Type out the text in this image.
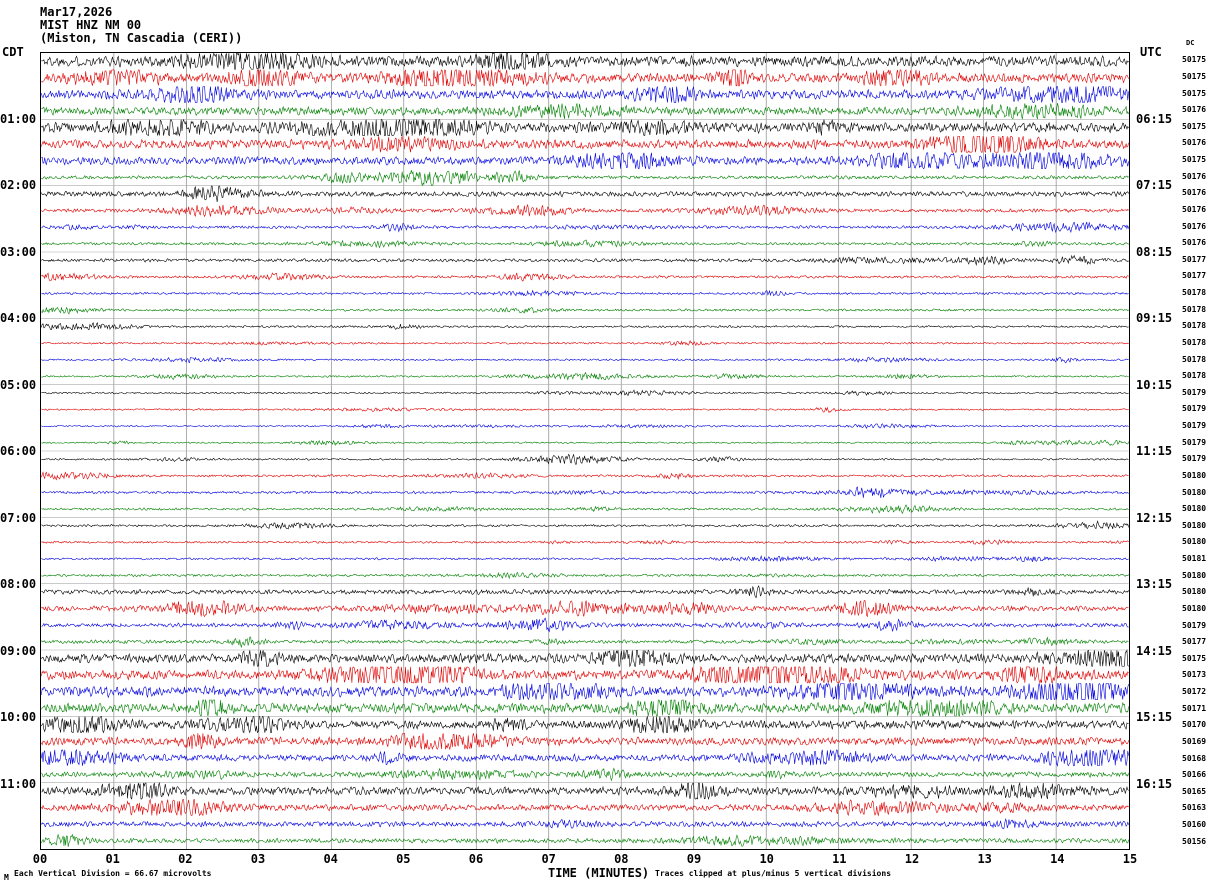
Mar17,2026
MIST HNZ NM 00
(Miston, TN Cascadia (CERI))
CDT	UTC
DC
01:00
02:00
03:00
04:00
05:00
06:00
07:00
08:00
09:00
10:00
11:00
06:15
07:15
08:15
09:15
10:15
11:15
12:15
13:15
14:15
15:15
16:15
50175
50175
50175
50176
50175
50176
50175
50176
50176
50176
50176
50176
50177
50177
50178
50178
50178
50178
50178
50178
50179
50179
50179
50179
50179
50180
50180
50180
50180
50180
50181
50180
50180
50180
50179
50177
50175
50173
50172
50171
50170
50169
50168
50166
50165
50163
50160
50156
00	01	02	03	04	05	06	07	08	09	10	11	12	13	14	15
TIME (MINUTES)
M Each Vertical Division = 66.67 microvolts	Traces clipped at plus/minus 5 vertical divisions
